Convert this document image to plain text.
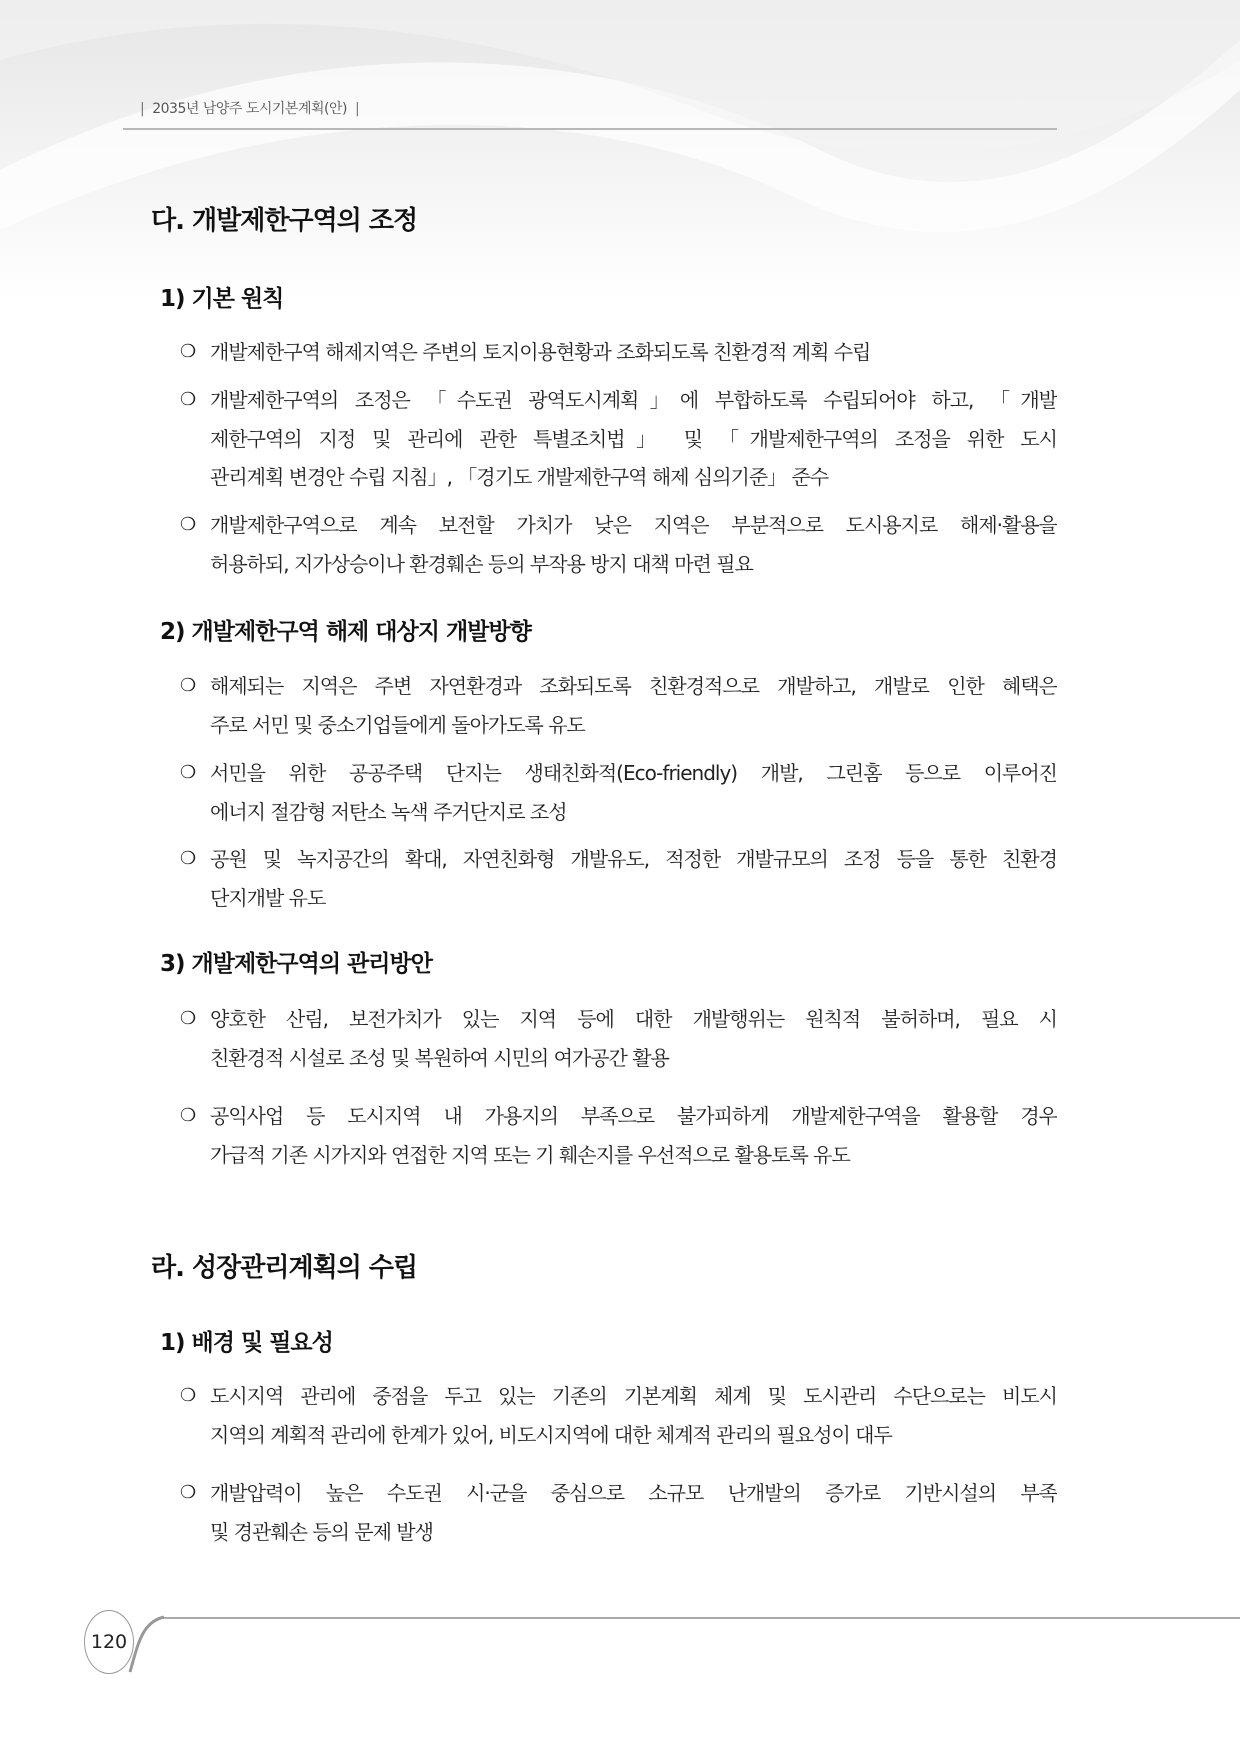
| 2035년 남양주 도시기본계획(안) |
다. 개발제한구역의 조정
1) 기본 원칙
❍ 개발제한구역 해제지역은 주변의 토지이용현황과 조화되도록 친환경적 계획 수립
❍ 개발제한구역의 조정은 「수도권 광역도시계획」에 부합하도록 수립되어야 하고, 「개발
제한구역의 지정 및 관리에 관한 특별조치법」 및 「개발제한구역의 조정을 위한 도시
관리계획 변경안 수립 지침」, 「경기도 개발제한구역 해제 심의기준」 준수
❍ 개발제한구역으로 계속 보전할 가치가 낮은 지역은 부분적으로 도시용지로 해제·활용을
허용하되, 지가상승이나 환경훼손 등의 부작용 방지 대책 마련 필요
2) 개발제한구역 해제 대상지 개발방향
❍ 해제되는 지역은 주변 자연환경과 조화되도록 친환경적으로 개발하고, 개발로 인한 혜택은
주로 서민 및 중소기업들에게 돌아가도록 유도
❍ 서민을 위한 공공주택 단지는 생태친화적(Eco-friendly) 개발, 그린홈 등으로 이루어진
에너지 절감형 저탄소 녹색 주거단지로 조성
❍ 공원 및 녹지공간의 확대, 자연친화형 개발유도, 적정한 개발규모의 조정 등을 통한 친환경
단지개발 유도
3) 개발제한구역의 관리방안
❍ 양호한 산림, 보전가치가 있는 지역 등에 대한 개발행위는 원칙적 불허하며, 필요 시
친환경적 시설로 조성 및 복원하여 시민의 여가공간 활용
❍ 공익사업 등 도시지역 내 가용지의 부족으로 불가피하게 개발제한구역을 활용할 경우
가급적 기존 시가지와 연접한 지역 또는 기 훼손지를 우선적으로 활용토록 유도
라. 성장관리계획의 수립
1) 배경 및 필요성
❍ 도시지역 관리에 중점을 두고 있는 기존의 기본계획 체계 및 도시관리 수단으로는 비도시
지역의 계획적 관리에 한계가 있어, 비도시지역에 대한 체계적 관리의 필요성이 대두
❍ 개발압력이 높은 수도권 시·군을 중심으로 소규모 난개발의 증가로 기반시설의 부족
및 경관훼손 등의 문제 발생
120
